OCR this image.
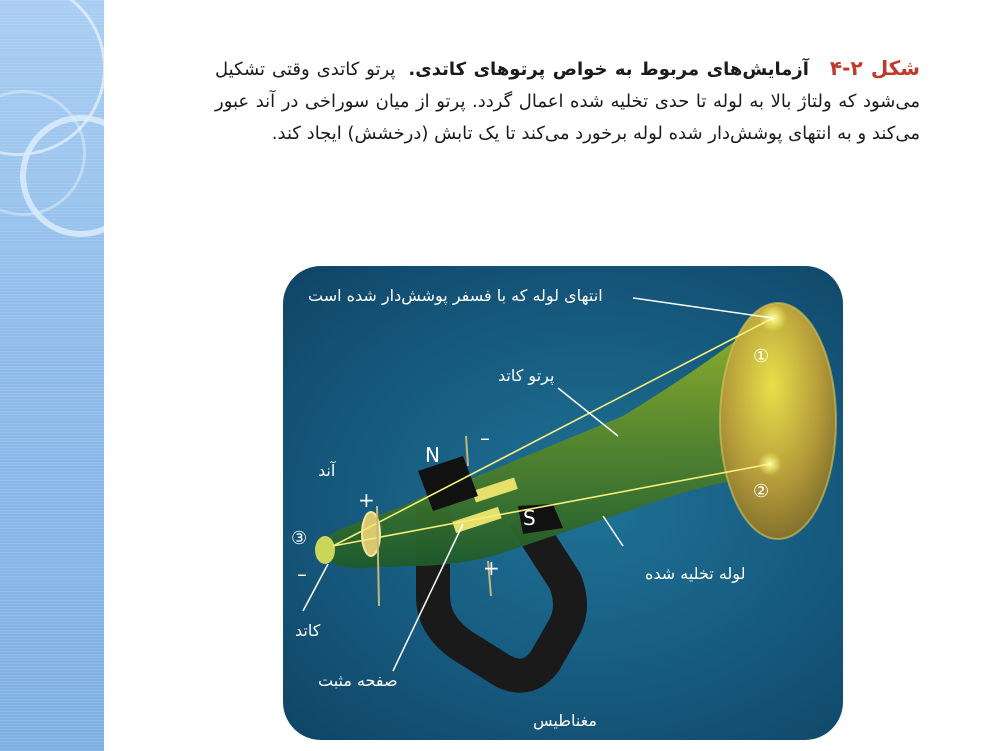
شکل ۲-۴ آزمایش‌های مربوط به خواص پرتوهای کاتدی. پرتو کاتدی وقتی تشکیل می‌شود که ولتاژ بالا به لوله تا حدی تخلیه شده اعمال گردد. پرتو از میان سوراخی در آند عبور می‌کند و به انتهای پوشش‌دار شده لوله برخورد می‌کند تا یک تابش (درخشش) ایجاد کند.
انتهای لوله که با فسفر پوشش‌دار شده است
پرتو کاتد
آند
لوله تخلیه شده
کاتد
صفحه مثبت
مغناطیس
N
S
–
+
+
–
①
②
③
